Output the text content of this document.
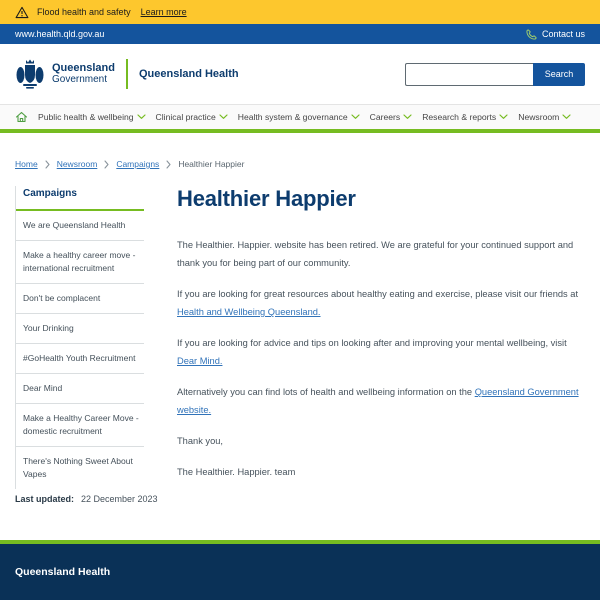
Flood health and safety Learn more
www.health.qld.gov.au	Contact us
Queensland
Government	Queensland Health	Search
Public health & wellbeing	Clinical practice	Health system & governance	Careers	Research & reports	Newsroom
Home Newsroom Campaigns Healthier Happier
Campaigns
We are Queensland Health
Make a healthy career move - international recruitment
Don't be complacent
Your Drinking
#GoHealth Youth Recruitment
Dear Mind
Make a Healthy Career Move - domestic recruitment
There's Nothing Sweet About Vapes
Healthier Happier

The Healthier. Happier. website has been retired. We are grateful for your continued support and thank you for being part of our community.

If you are looking for great resources about healthy eating and exercise, please visit our friends at Health and Wellbeing Queensland.

If you are looking for advice and tips on looking after and improving your mental wellbeing, visit Dear Mind.

Alternatively you can find lots of health and wellbeing information on the Queensland Government website.

Thank you,

The Healthier. Happier. team

Last updated: 22 December 2023
Queensland Health
